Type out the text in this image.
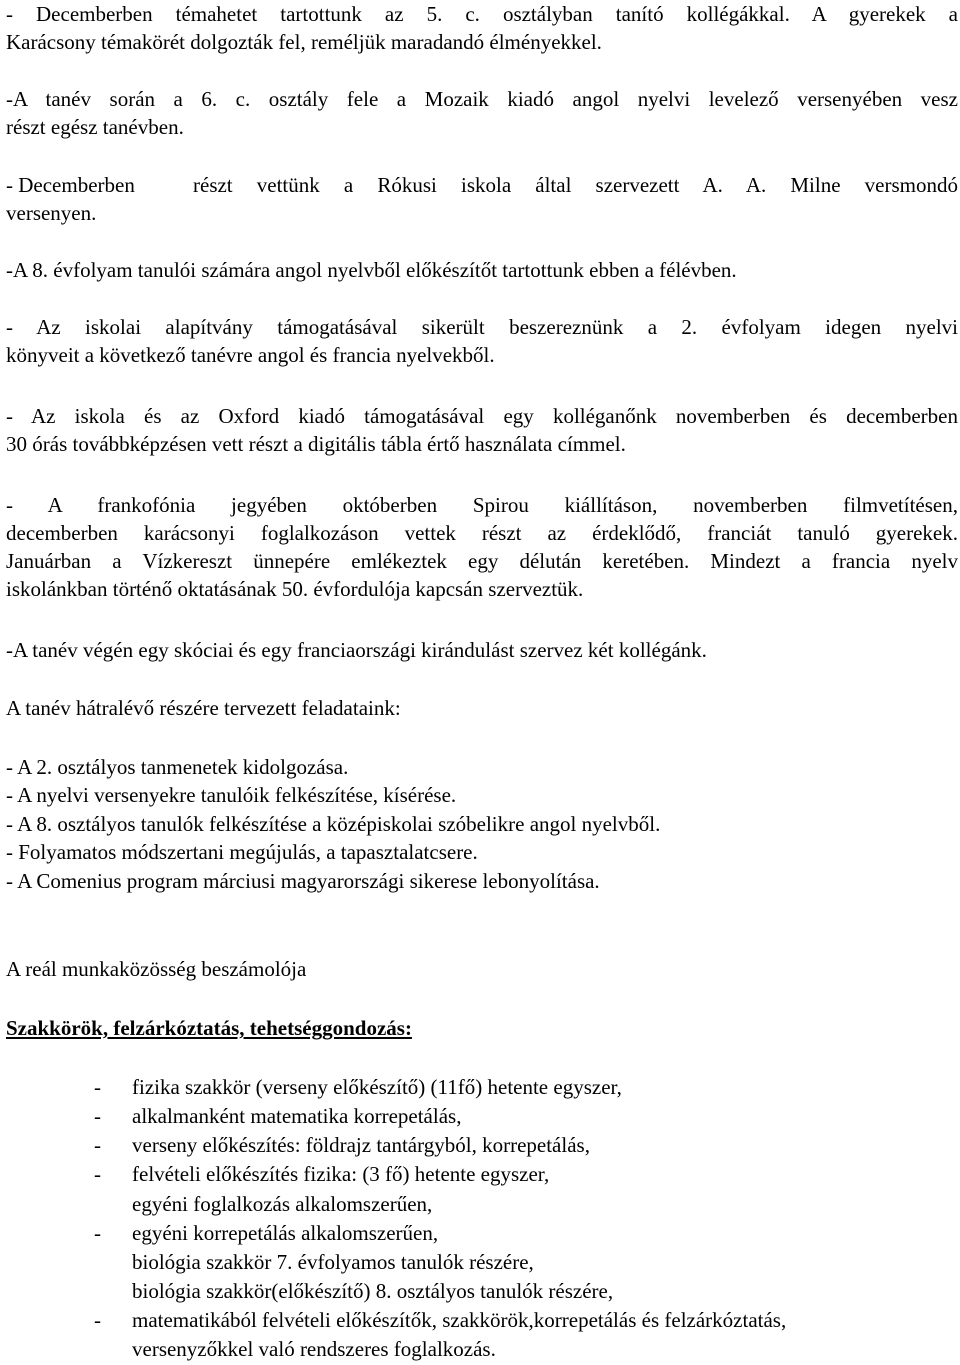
- Decemberben témahetet tartottunk az 5. c. osztályban tanító kollégákkal. A gyerekek a
Karácsony témakörét dolgozták fel, reméljük maradandó élményekkel.
-A tanév során a 6. c. osztály fele a Mozaik kiadó angol nyelvi levelező versenyében vesz
részt egész tanévben.
- Decemberben	részt vettünk a Rókusi iskola által szervezett A. A. Milne versmondó
versenyen.
-A 8. évfolyam tanulói számára angol nyelvből előkészítőt tartottunk ebben a félévben.
- Az iskolai alapítvány támogatásával sikerült beszereznünk a 2. évfolyam idegen nyelvi
könyveit a következő tanévre angol és francia nyelvekből.
- Az iskola és az Oxford kiadó támogatásával egy kolléganőnk novemberben és decemberben
30 órás továbbképzésen vett részt a digitális tábla értő használata címmel.
- A frankofónia jegyében októberben Spirou kiállításon, novemberben filmvetítésen,
decemberben karácsonyi foglalkozáson vettek részt az érdeklődő, franciát tanuló gyerekek.
Januárban a Vízkereszt ünnepére emlékeztek egy délután keretében. Mindezt a francia nyelv
iskolánkban történő oktatásának 50. évfordulója kapcsán szerveztük.
-A tanév végén egy skóciai és egy franciaországi kirándulást szervez két kollégánk.
A tanév hátralévő részére tervezett feladataink:
- A 2. osztályos tanmenetek kidolgozása.
- A nyelvi versenyekre tanulóik felkészítése, kísérése.
- A 8. osztályos tanulók felkészítése a középiskolai szóbelikre angol nyelvből.
- Folyamatos módszertani megújulás, a tapasztalatcsere.
- A Comenius program márciusi magyarországi sikerese lebonyolítása.
A reál munkaközösség beszámolója
Szakkörök, felzárkóztatás, tehetséggondozás:
- fizika szakkör (verseny előkészítő) (11fő) hetente egyszer,
- alkalmanként matematika korrepetálás,
- verseny előkészítés: földrajz tantárgyból, korrepetálás,
- felvételi előkészítés fizika: (3 fő) hetente egyszer,
egyéni foglalkozás alkalomszerűen,
- egyéni korrepetálás alkalomszerűen,
biológia szakkör 7. évfolyamos tanulók részére,
biológia szakkör(előkészítő) 8. osztályos tanulók részére,
- matematikából felvételi előkészítők, szakkörök,korrepetálás és felzárkóztatás,
versenyzőkkel való rendszeres foglalkozás.
